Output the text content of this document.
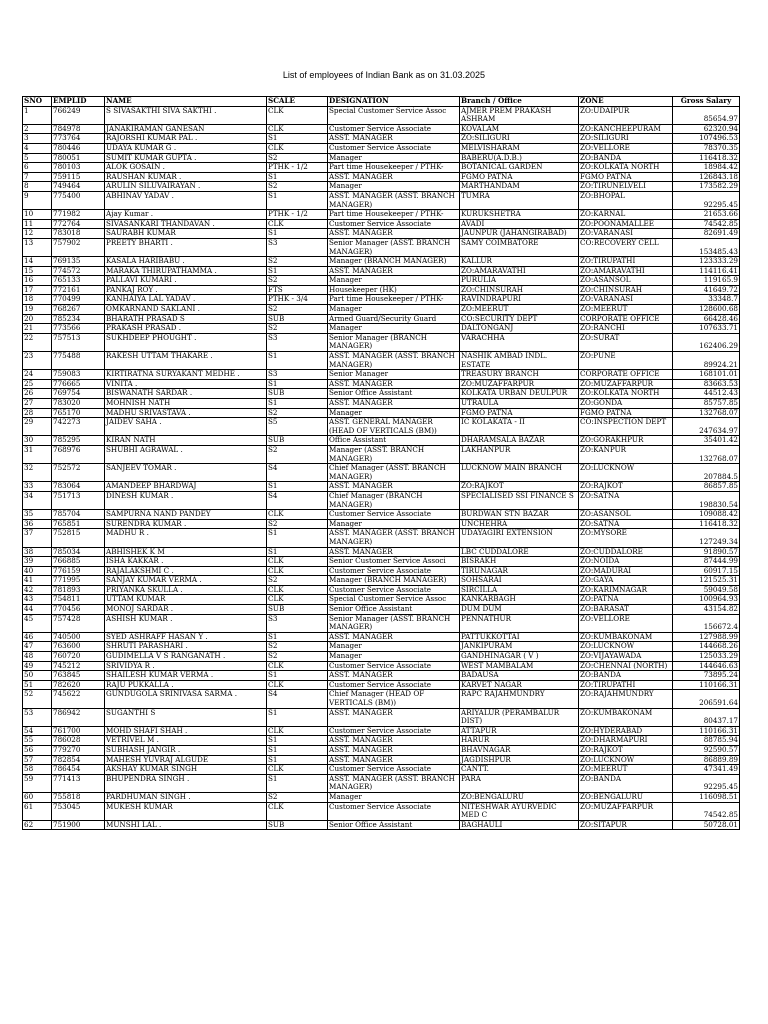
List of employees of Indian Bank as on 31.03.2025
SNO	EMPLID	NAME	SCALE	DESIGNATION	Branch / Office	ZONE	Gross Salary
1	766249	S SIVASAKTHI SIVA SAKTHI .	CLK	Special Customer Service Assoc	AJMER PREM PRAKASH ASHRAM	ZO:UDAIPUR	85654.97
2	784978	JANAKIRAMAN GANESAN	CLK	Customer Service Associate	KOVALAM	ZO:KANCHEEPURAM	62320.94
3	773764	RAJORSHI KUMAR PAL .	S1	ASST. MANAGER	ZO:SILIGURI	ZO:SILIGURI	107496.53
4	780446	UDAYA KUMAR G .	CLK	Customer Service Associate	MELVISHARAM	ZO:VELLORE	78370.35
5	780051	SUMIT KUMAR GUPTA .	S2	Manager	BABERU(A.D.B.)	ZO:BANDA	116418.32
6	780103	ALOK GOSAIN .	PTHK - 1/2	Part time Housekeeper / PTHK-	BOTANICAL GARDEN	ZO:KOLKATA NORTH	18984.42
7	759115	RAUSHAN KUMAR .	S1	ASST. MANAGER	FGMO PATNA	FGMO PATNA	126843.18
8	749464	ARULIN SILUVAIRAYAN .	S2	Manager	MARTHANDAM	ZO:TIRUNELVELI	173582.29
9	775400	ABHINAV YADAV .	S1	ASST. MANAGER (ASST. BRANCH MANAGER)	TUMRA	ZO:BHOPAL	92295.45
10	771982	Ajay Kumar .	PTHK - 1/2	Part time Housekeeper / PTHK-	KURUKSHETRA	ZO:KARNAL	21653.66
11	772764	SIVASANKARI THANDAVAN .	CLK	Customer Service Associate	AVADI	ZO:POONAMALLEE	74542.85
12	783018	SAURABH KUMAR	S1	ASST. MANAGER	JAUNPUR (JAHANGIRABAD)	ZO:VARANASI	82691.49
13	757902	PREETY BHARTI .	S3	Senior Manager (ASST. BRANCH MANAGER)	SAMY COIMBATORE	CO:RECOVERY CELL	153485.43
14	769135	KASALA HARIBABU .	S2	Manager (BRANCH MANAGER)	KALLUR	ZO:TIRUPATHI	123333.29
15	774572	MARAKA THIRUPATHAMMA .	S1	ASST. MANAGER	ZO:AMARAVATHI	ZO:AMARAVATHI	114116.41
16	765133	PALLAVI KUMARI .	S2	Manager	PURULIA	ZO:ASANSOL	119165.9
17	772161	PANKAJ ROY .	FTS	Housekeeper (HK)	ZO:CHINSURAH	ZO:CHINSURAH	41649.72
18	770499	KANHAIYA LAL YADAV .	PTHK - 3/4	Part time Housekeeper / PTHK-	RAVINDRAPURI	ZO:VARANASI	33348.7
19	768267	OMKARNAND SAKLANI .	S2	Manager	ZO:MEERUT	ZO:MEERUT	128600.68
20	785234	BHARATH PRASAD S	SUB	Armed Guard/Security Guard	CO:SECURITY DEPT	CORPORATE OFFICE	66428.46
21	773566	PRAKASH PRASAD .	S2	Manager	DALTONGANJ	ZO:RANCHI	107633.71
22	757513	SUKHDEEP PHOUGHT .	S3	Senior Manager (BRANCH MANAGER)	VARACHHA	ZO:SURAT	162406.29
23	775488	RAKESH UTTAM THAKARE .	S1	ASST. MANAGER (ASST. BRANCH MANAGER)	NASHIK AMBAD INDL. ESTATE	ZO:PUNE	89924.21
24	759083	KIRTIRATNA SURYAKANT MEDHE .	S3	Senior Manager	TREASURY BRANCH	CORPORATE OFFICE	168101.01
25	776665	VINITA .	S1	ASST. MANAGER	ZO:MUZAFFARPUR	ZO:MUZAFFARPUR	83663.53
26	769754	BISWANATH SARDAR .	SUB	Senior Office Assistant	KOLKATA URBAN DEULPUR	ZO:KOLKATA NORTH	44512.43
27	783020	MOHNISH NATH	S1	ASST. MANAGER	UTRAULA	ZO:GONDA	85757.85
28	765170	MADHU SRIVASTAVA .	S2	Manager	FGMO PATNA	FGMO PATNA	132768.07
29	742273	JAIDEV SAHA .	S5	ASST. GENERAL MANAGER (HEAD OF VERTICALS (BM))	IC KOLAKATA - II	CO:INSPECTION DEPT	247634.97
30	785295	KIRAN NATH	SUB	Office Assistant	DHARAMSALA BAZAR	ZO:GORAKHPUR	35401.42
31	768976	SHUBHI AGRAWAL .	S2	Manager (ASST. BRANCH MANAGER)	LAKHANPUR	ZO:KANPUR	132768.07
32	752572	SANJEEV TOMAR .	S4	Chief Manager (ASST. BRANCH MANAGER)	LUCKNOW MAIN BRANCH	ZO:LUCKNOW	207884.5
33	783064	AMANDEEP BHARDWAJ	S1	ASST. MANAGER	ZO:RAJKOT	ZO:RAJKOT	86857.85
34	751713	DINESH KUMAR .	S4	Chief Manager (BRANCH MANAGER)	SPECIALISED SSI FINANCE S	ZO:SATNA	198830.54
35	785704	SAMPURNA NAND PANDEY	CLK	Customer Service Associate	BURDWAN STN BAZAR	ZO:ASANSOL	109088.42
36	765851	SURENDRA KUMAR .	S2	Manager	UNCHEHRA	ZO:SATNA	116418.32
37	752815	MADHU R .	S1	ASST. MANAGER (ASST. BRANCH MANAGER)	UDAYAGIRI EXTENSION	ZO:MYSORE	127249.34
38	785034	ABHISHEK K M	S1	ASST. MANAGER	LBC CUDDALORE	ZO:CUDDALORE	91890.57
39	766885	ISHA KAKKAR .	CLK	Senior Customer Service Associ	BISRAKH	ZO:NOIDA	87444.99
40	776159	RAJALAKSHMI C .	CLK	Customer Service Associate	TIRUNAGAR	ZO:MADURAI	60917.15
41	771995	SANJAY KUMAR VERMA .	S2	Manager (BRANCH MANAGER)	SOHSARAI	ZO:GAYA	121525.31
42	781893	PRIYANKA SKULLA .	CLK	Customer Service Associate	SIRCILLA	ZO:KARIMNAGAR	59049.58
43	754811	UTTAM KUMAR	CLK	Special Customer Service Assoc	KANKARBAGH	ZO:PATNA	100964.93
44	770456	MONOJ SARDAR .	SUB	Senior Office Assistant	DUM DUM	ZO:BARASAT	43154.82
45	757428	ASHISH KUMAR .	S3	Senior Manager (ASST. BRANCH MANAGER)	PENNATHUR	ZO:VELLORE	156672.4
46	740500	SYED ASHRAFF HASAN Y .	S1	ASST. MANAGER	PATTUKKOTTAI	ZO:KUMBAKONAM	127988.99
47	763600	SHRUTI PARASHARI .	S2	Manager	JANKIPURAM	ZO:LUCKNOW	144668.26
48	760720	GUDIMELLA V S RANGANATH .	S2	Manager	GANDHINAGAR ( V )	ZO:VIJAYAWADA	125033.29
49	745212	SRIVIDYA R .	CLK	Customer Service Associate	WEST MAMBALAM	ZO:CHENNAI (NORTH)	144646.63
50	763845	SHAILESH KUMAR VERMA .	S1	ASST. MANAGER	BADAUSA	ZO:BANDA	73895.24
51	782620	RAJU PUKKALLA .	CLK	Customer Service Associate	KARVET NAGAR	ZO:TIRUPATHI	110166.31
52	745622	GUNDUGOLA SRINIVASA SARMA .	S4	Chief Manager (HEAD OF VERTICALS (BM))	RAPC RAJAHMUNDRY	ZO:RAJAHMUNDRY	206591.64
53	786942	SUGANTHI S	S1	ASST. MANAGER	ARIYALUR (PERAMBALUR DIST)	ZO:KUMBAKONAM	80437.17
54	761700	MOHD SHAFI SHAH .	CLK	Customer Service Associate	ATTAPUR	ZO:HYDERABAD	110166.31
55	786028	VETRIVEL M .	S1	ASST. MANAGER	HARUR	ZO:DHARMAPURI	88785.94
56	779270	SUBHASH JANGIR .	S1	ASST. MANAGER	BHAVNAGAR	ZO:RAJKOT	92590.57
57	782854	MAHESH YUVRAJ ALGUDE	S1	ASST. MANAGER	JAGDISHPUR	ZO:LUCKNOW	86889.89
58	786454	AKSHAY KUMAR SINGH	CLK	Customer Service Associate	CANTT.	ZO:MEERUT	47341.49
59	771413	BHUPENDRA SINGH .	S1	ASST. MANAGER (ASST. BRANCH MANAGER)	PARA	ZO:BANDA	92295.45
60	755818	PARDHUMAN SINGH .	S2	Manager	ZO:BENGALURU	ZO:BENGALURU	116098.51
61	753045	MUKESH KUMAR	CLK	Customer Service Associate	NITESHWAR AYURVEDIC MED C	ZO:MUZAFFARPUR	74542.85
62	751900	MUNSHI LAL .	SUB	Senior Office Assistant	BAGHAULI	ZO:SITAPUR	50728.01
